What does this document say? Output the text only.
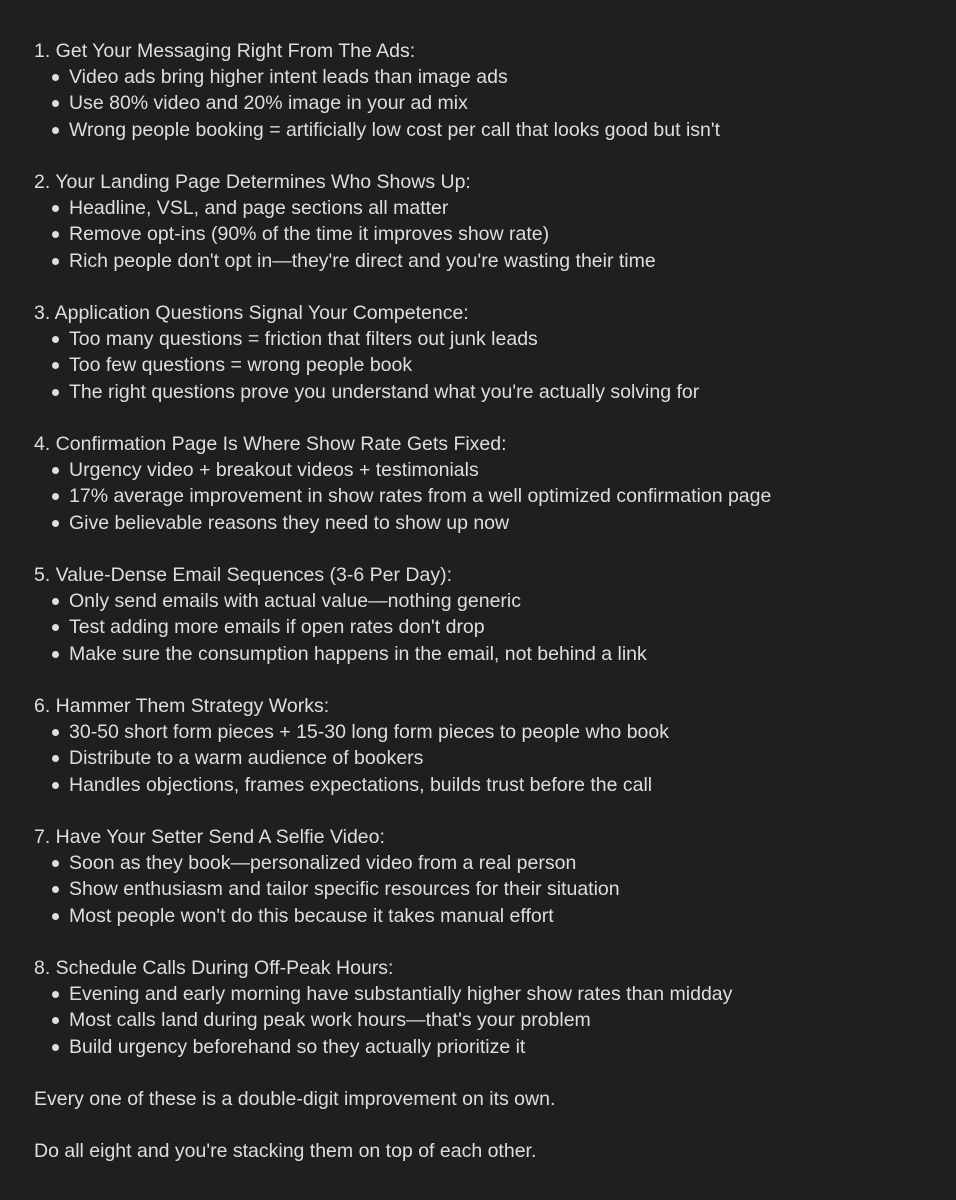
1. Get Your Messaging Right From The Ads:
Video ads bring higher intent leads than image ads
Use 80% video and 20% image in your ad mix
Wrong people booking = artificially low cost per call that looks good but isn't
2. Your Landing Page Determines Who Shows Up:
Headline, VSL, and page sections all matter
Remove opt-ins (90% of the time it improves show rate)
Rich people don't opt in—they're direct and you're wasting their time
3. Application Questions Signal Your Competence:
Too many questions = friction that filters out junk leads
Too few questions = wrong people book
The right questions prove you understand what you're actually solving for
4. Confirmation Page Is Where Show Rate Gets Fixed:
Urgency video + breakout videos + testimonials
17% average improvement in show rates from a well optimized confirmation page
Give believable reasons they need to show up now
5. Value-Dense Email Sequences (3-6 Per Day):
Only send emails with actual value—nothing generic
Test adding more emails if open rates don't drop
Make sure the consumption happens in the email, not behind a link
6. Hammer Them Strategy Works:
30-50 short form pieces + 15-30 long form pieces to people who book
Distribute to a warm audience of bookers
Handles objections, frames expectations, builds trust before the call
7. Have Your Setter Send A Selfie Video:
Soon as they book—personalized video from a real person
Show enthusiasm and tailor specific resources for their situation
Most people won't do this because it takes manual effort
8. Schedule Calls During Off-Peak Hours:
Evening and early morning have substantially higher show rates than midday
Most calls land during peak work hours—that's your problem
Build urgency beforehand so they actually prioritize it
Every one of these is a double-digit improvement on its own.
Do all eight and you're stacking them on top of each other.
